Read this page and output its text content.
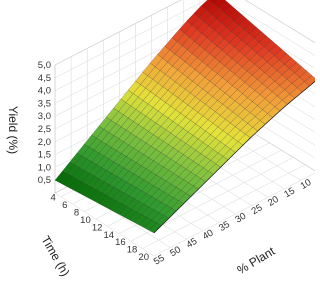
0,5
1,0
1,5
2,0
2,5
3,0
3,5
4,0
4,5
5,0
4
6
8
10
12
14
16
18
20 55
50
45
40
35
30
25
20
15
10
Yield (%)
Time (h)	% Plant
